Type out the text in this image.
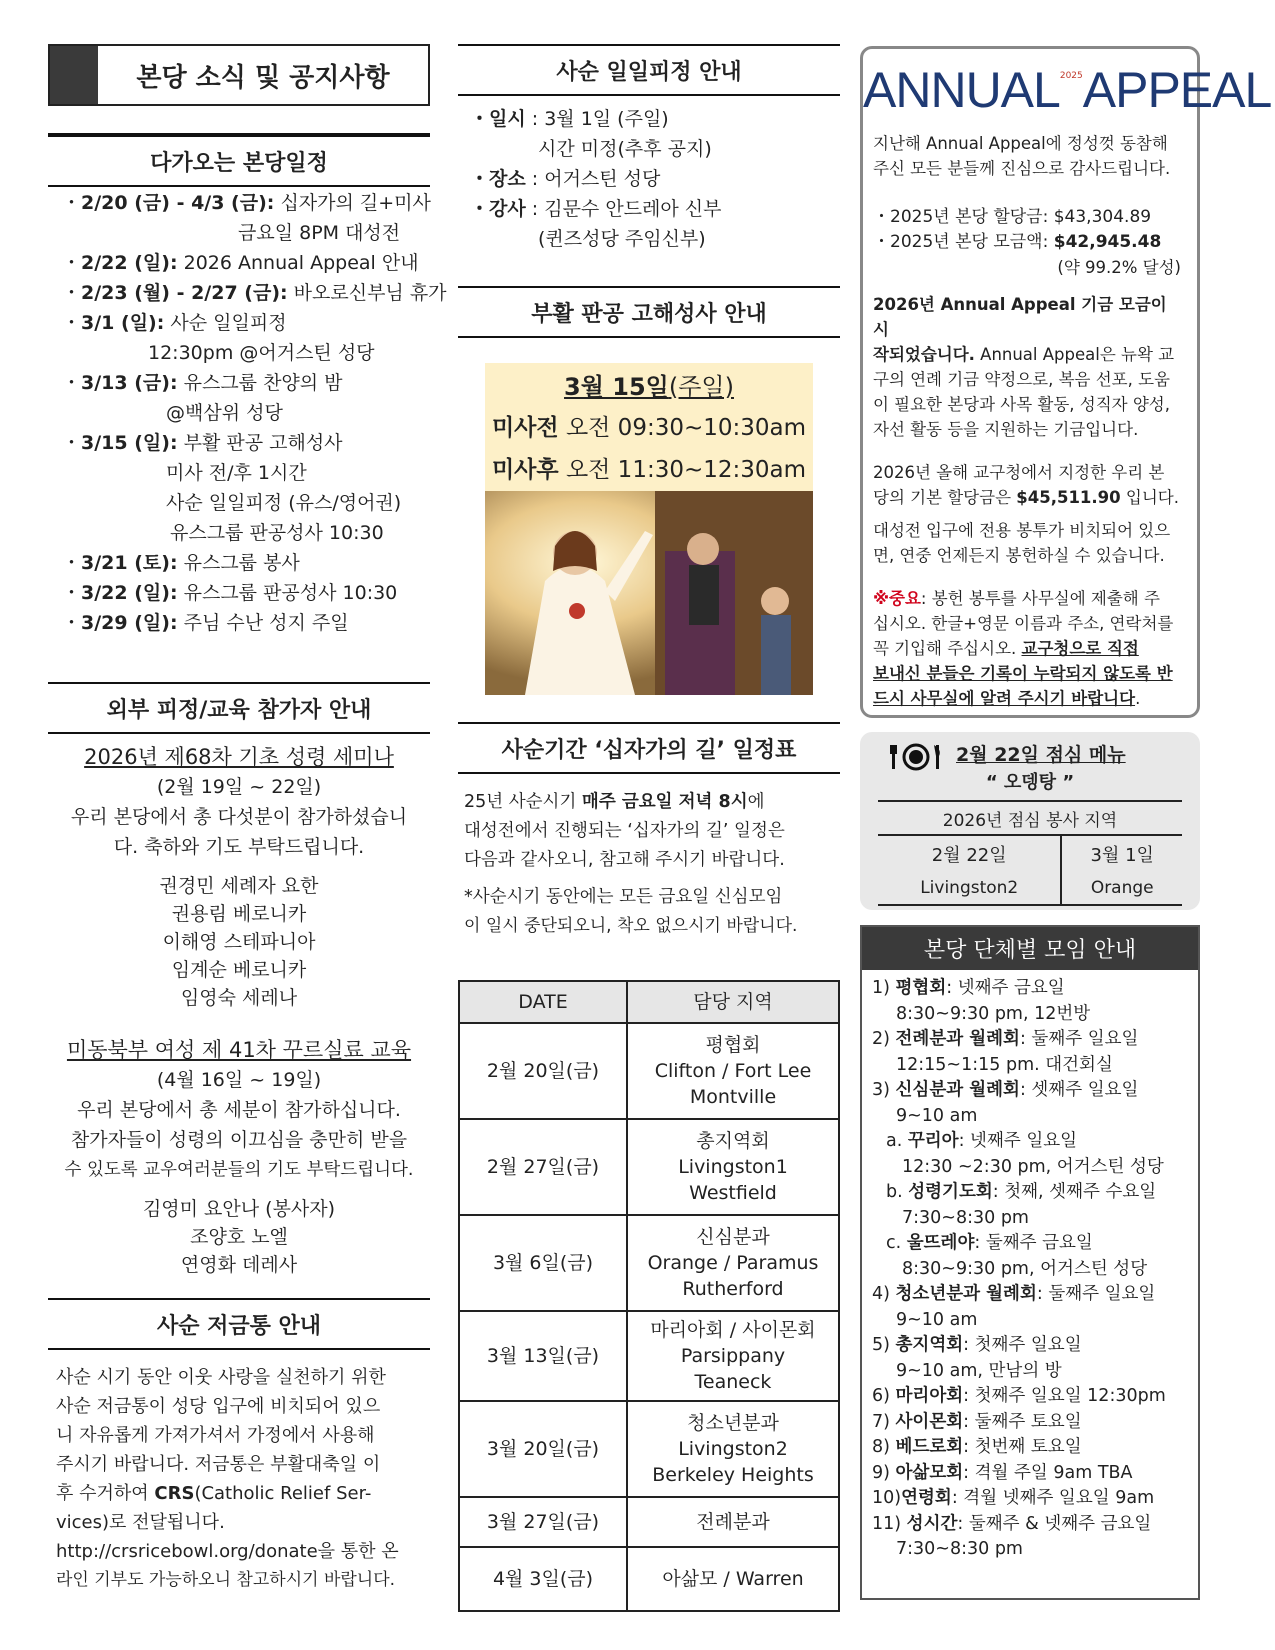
본당 소식 및 공지사항
다가오는 본당일정
・2/20 (금) - 4/3 (금): 십자가의 길+미사
금요일 8PM 대성전
・2/22 (일): 2026 Annual Appeal 안내
・2/23 (월) - 2/27 (금): 바오로신부님 휴가
・3/1 (일): 사순 일일피정
12:30pm @어거스틴 성당
・3/13 (금): 유스그룹 찬양의 밤
@백삼위 성당
・3/15 (일): 부활 판공 고해성사
미사 전/후 1시간
사순 일일피정 (유스/영어권)
유스그룹 판공성사 10:30
・3/21 (토): 유스그룹 봉사
・3/22 (일): 유스그룹 판공성사 10:30
・3/29 (일): 주님 수난 성지 주일
외부 피정/교육 참가자 안내
2026년 제68차 기초 성령 세미나
(2월 19일 ~ 22일)
우리 본당에서 총 다섯분이 참가하셨습니
다. 축하와 기도 부탁드립니다.
권경민 세례자 요한
권용림 베로니카
이해영 스테파니아
임계순 베로니카
임영숙 세레나
미동북부 여성 제 41차 꾸르실료 교육
(4월 16일 ~ 19일)
우리 본당에서 총 세분이 참가하십니다.
참가자들이 성령의 이끄심을 충만히 받을
수 있도록 교우여러분들의 기도 부탁드립니다.
김영미 요안나 (봉사자)
조양호 노엘
연영화 데레사
사순 저금통 안내
사순 시기 동안 이웃 사랑을 실천하기 위한
사순 저금통이 성당 입구에 비치되어 있으
니 자유롭게 가져가셔서 가정에서 사용해
주시기 바랍니다. 저금통은 부활대축일 이
후 수거하여 CRS(Catholic Relief Ser-
vices)로 전달됩니다.
http://crsricebowl.org/donate을 통한 온
라인 기부도 가능하오니 참고하시기 바랍니다.
사순 일일피정 안내
・일시 : 3월 1일 (주일)
시간 미정(추후 공지)
・장소 : 어거스틴 성당
・강사 : 김문수 안드레아 신부
(퀸즈성당 주임신부)
부활 판공 고해성사 안내
3월 15일(주일)
미사전 오전 09:30~10:30am
미사후 오전 11:30~12:30am
사순기간 ‘십자가의 길’ 일정표
25년 사순시기 매주 금요일 저녁 8시에
대성전에서 진행되는 ‘십자가의 길’ 일정은
다음과 같사오니, 참고해 주시기 바랍니다.
*사순시기 동안에는 모든 금요일 신심모임
이 일시 중단되오니, 착오 없으시기 바랍니다.
DATE	담당 지역
2월 20일(금)	평협회
Clifton / Fort Lee
Montville

2월 27일(금)	총지역회
Livingston1
Westfield

3월 6일(금)	신심분과
Orange / Paramus
Rutherford

3월 13일(금)	마리아회 / 사이몬회
Parsippany
Teaneck

3월 20일(금)	청소년분과
Livingston2
Berkeley Heights

3월 27일(금)	전례분과

4월 3일(금)	아삶모 / Warren
$ANNUAL^{2025}APPEAL$
지난해 Annual Appeal에 정성껏 동참해
주신 모든 분들께 진심으로 감사드립니다.
・2025년 본당 할당금: $43,304.89
・2025년 본당 모금액: $42,945.48
(약 99.2% 달성)
2026년 Annual Appeal 기금 모금이 시
작되었습니다. Annual Appeal은 뉴왁 교
구의 연례 기금 약정으로, 복음 선포, 도움
이 필요한 본당과 사목 활동, 성직자 양성,
자선 활동 등을 지원하는 기금입니다.
2026년 올해 교구청에서 지정한 우리 본
당의 기본 할당금은 $45,511.90 입니다.
대성전 입구에 전용 봉투가 비치되어 있으
면, 연중 언제든지 봉헌하실 수 있습니다.
※중요: 봉헌 봉투를 사무실에 제출해 주
십시오. 한글+영문 이름과 주소, 연락처를
꼭 기입해 주십시오. 교구청으로 직접
보내신 분들은 기록이 누락되지 않도록 반
드시 사무실에 알려 주시기 바랍니다.
2월 22일 점심 메뉴
“ 오뎅탕 ”
2026년 점심 봉사 지역	
2월 22일	3월 1일
Livingston2	Orange
본당 단체별 모임 안내
1) 평협회: 넷째주 금요일
8:30~9:30 pm, 12번방
2) 전례분과 월례회: 둘째주 일요일
12:15~1:15 pm. 대건회실
3) 신심분과 월례회: 셋째주 일요일
9~10 am
a. 꾸리아: 넷째주 일요일
12:30 ~2:30 pm, 어거스틴 성당
b. 성령기도회: 첫째, 셋째주 수요일
7:30~8:30 pm
c. 울뜨레야: 둘째주 금요일
8:30~9:30 pm, 어거스틴 성당
4) 청소년분과 월례회: 둘째주 일요일
9~10 am
5) 총지역회: 첫째주 일요일
9~10 am, 만남의 방
6) 마리아회: 첫째주 일요일 12:30pm
7) 사이몬회: 둘째주 토요일
8) 베드로회: 첫번째 토요일
9) 아삶모회: 격월 주일 9am TBA
10)연령회: 격월 넷째주 일요일 9am
11) 성시간: 둘째주 & 넷째주 금요일
7:30~8:30 pm
